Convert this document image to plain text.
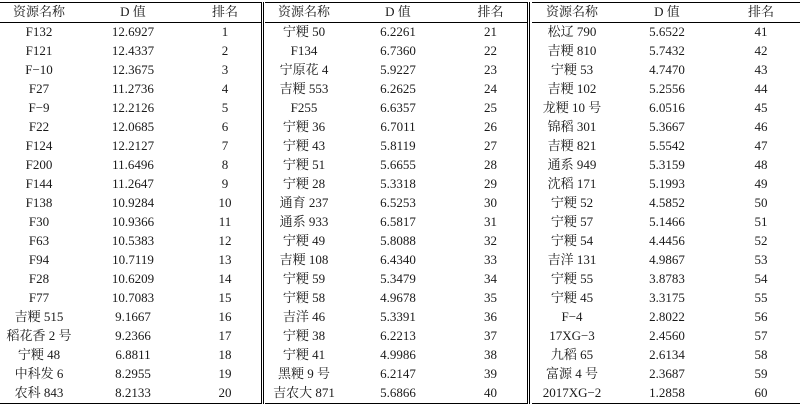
资源名称	D 值	排名
F132	12.6927	1
F121	12.4337	2
F−10	12.3675	3
F27	11.2736	4
F−9	12.2126	5
F22	12.0685	6
F124	12.2127	7
F200	11.6496	8
F144	11.2647	9
F138	10.9284	10
F30	10.9366	11
F63	10.5383	12
F94	10.7119	13
F28	10.6209	14
F77	10.7083	15
吉粳 515	9.1667	16
稻花香 2 号	9.2366	17
宁粳 48	6.8811	18
中科发 6	8.2955	19
农科 843	8.2133	20
资源名称	D 值	排名
宁粳 50	6.2261	21
F134	6.7360	22
宁原花 4	5.9227	23
吉粳 553	6.2625	24
F255	6.6357	25
宁粳 36	6.7011	26
宁粳 43	5.8119	27
宁粳 51	5.6655	28
宁粳 28	5.3318	29
通育 237	6.5253	30
通系 933	6.5817	31
宁粳 49	5.8088	32
吉粳 108	6.4340	33
宁粳 59	5.3479	34
宁粳 58	4.9678	35
吉洋 46	5.3391	36
宁粳 38	6.2213	37
宁粳 41	4.9986	38
黑粳 9 号	6.2147	39
吉农大 871	5.6866	40
资源名称	D 值	排名
松辽 790	5.6522	41
吉粳 810	5.7432	42
宁粳 53	4.7470	43
吉粳 102	5.2556	44
龙粳 10 号	6.0516	45
锦稻 301	5.3667	46
吉粳 821	5.5542	47
通系 949	5.3159	48
沈稻 171	5.1993	49
宁粳 52	4.5852	50
宁粳 57	5.1466	51
宁粳 54	4.4456	52
吉洋 131	4.9867	53
宁粳 55	3.8783	54
宁粳 45	3.3175	55
F−4	2.8022	56
17XG−3	2.4560	57
九稻 65	2.6134	58
富源 4 号	2.3687	59
2017XG−2	1.2858	60
